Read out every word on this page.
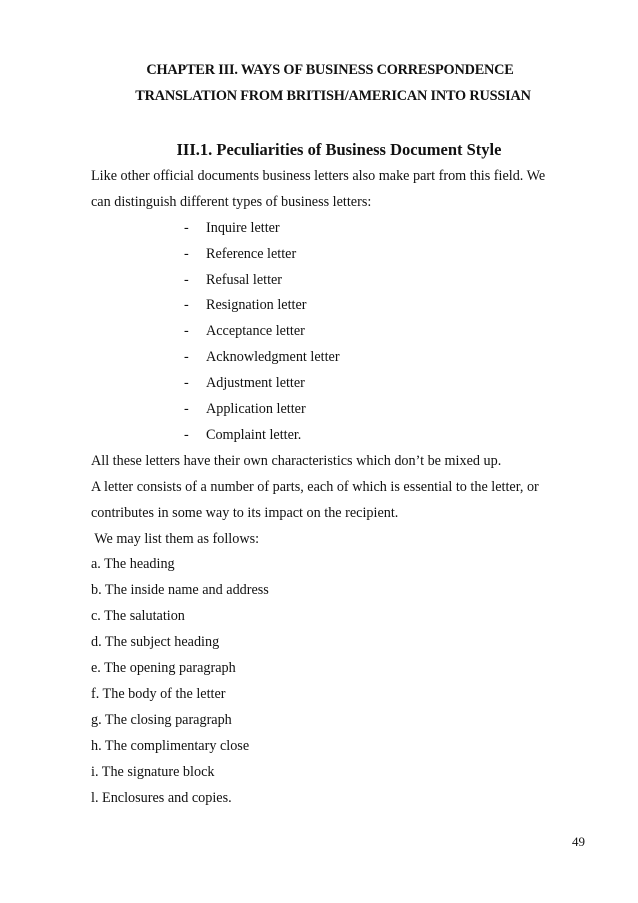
CHAPTER III. WAYS OF BUSINESS CORRESPONDENCE
TRANSLATION FROM BRITISH/AMERICAN INTO RUSSIAN
III.1. Peculiarities of Business Document Style
Like other official documents business letters also make part from this field. We
can distinguish different types of business letters:
- Inquire letter
- Reference letter
- Refusal letter
- Resignation letter
- Acceptance letter
- Acknowledgment letter
- Adjustment letter
- Application letter
- Complaint letter.
All these letters have their own characteristics which don’t be mixed up.
A letter consists of a number of parts, each of which is essential to the letter, or
contributes in some way to its impact on the recipient.
We may list them as follows:
a. The heading
b. The inside name and address
c. The salutation
d. The subject heading
e. The opening paragraph
f. The body of the letter
g. The closing paragraph
h. The complimentary close
i. The signature block
l. Enclosures and copies.
49
